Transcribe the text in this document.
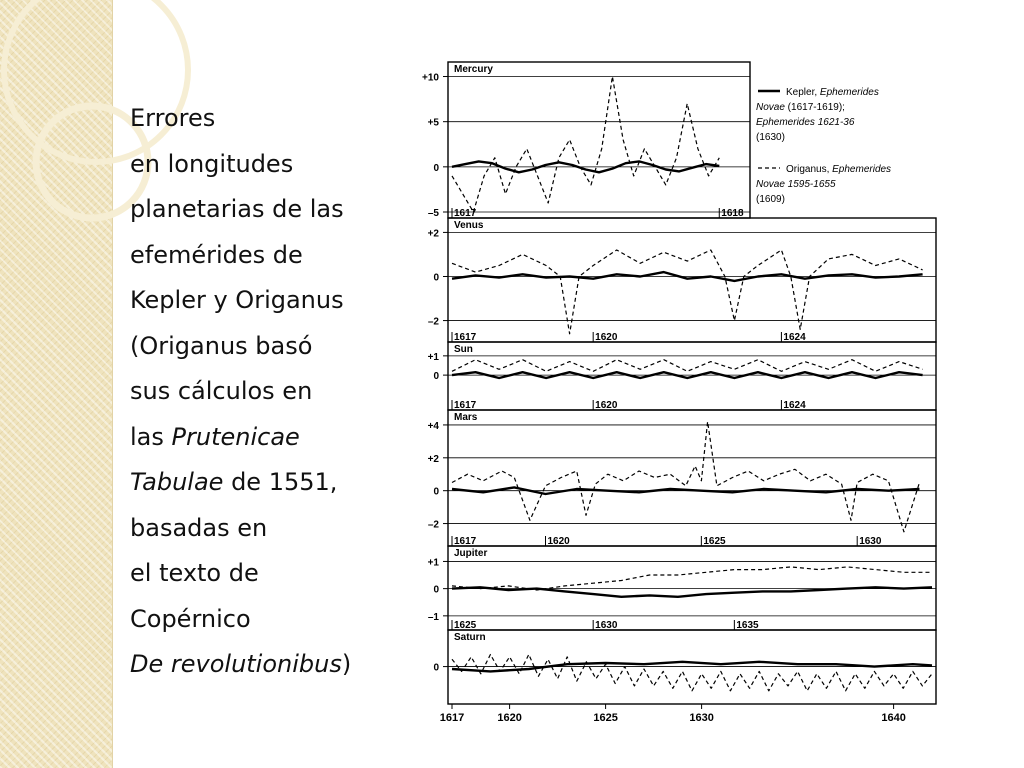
Errores
en longitudes
planetarias de las
efemérides de
Kepler y Origanus
(Origanus basó
sus cálculos en
las Prutenicae
Tabulae de 1551,
basadas en
el texto de
Copérnico
De revolutionibus)
+10
+5
0
–5 1617	1618
Mercury
+2
0
–2
1617	1620	1624
Venus
+1
0
1617	1620	1624
Sun
+4
+2
0
–2
1617	1620	1625	1630
Mars
+1
0
–1
1625	1630	1635
Jupiter
0
1617	1620	1625	1630	1640
Saturn
Kepler, Ephemerides
Novae (1617-1619);
Ephemerides 1621-36
(1630)
Origanus, Ephemerides
Novae 1595-1655
(1609)
